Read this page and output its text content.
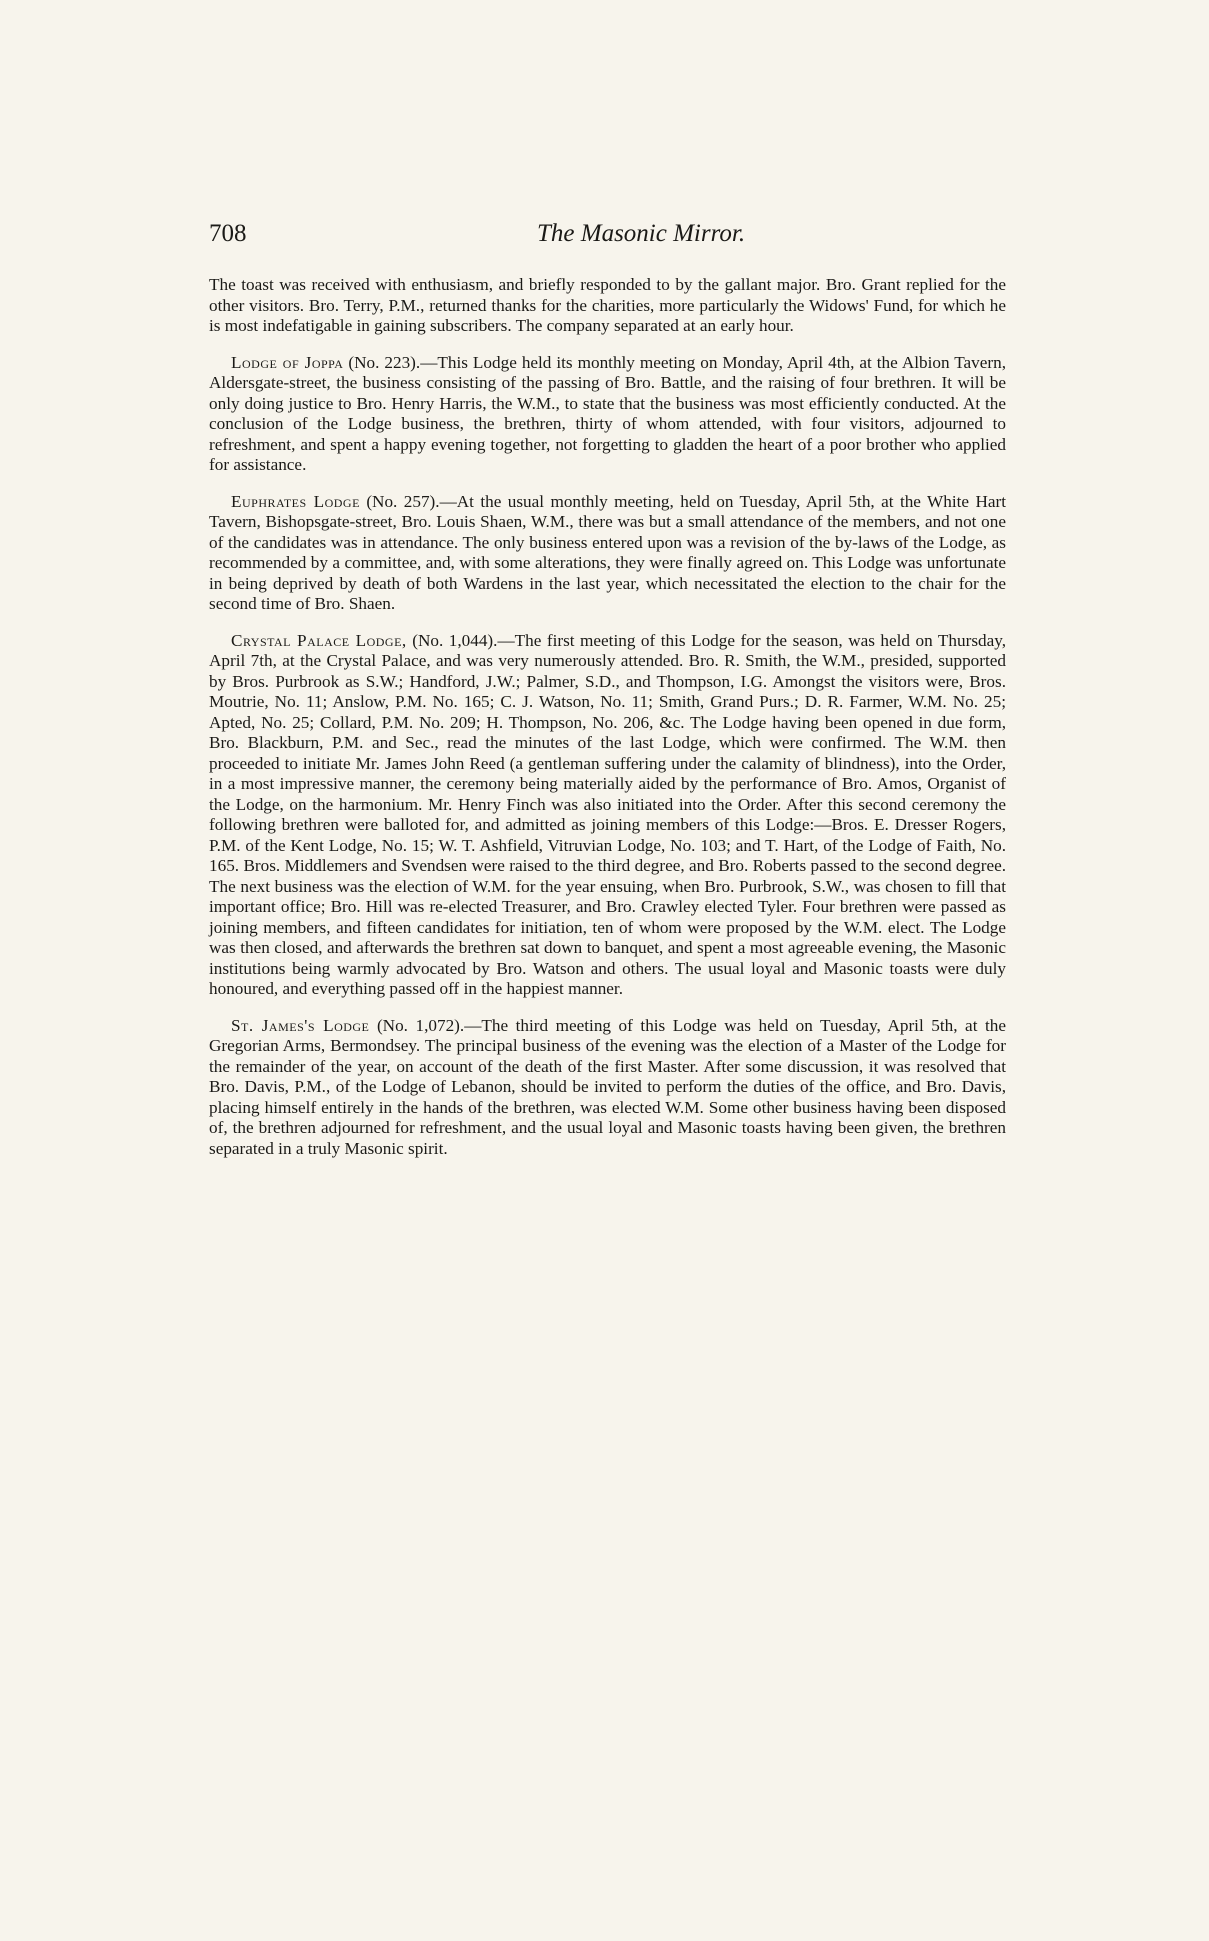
708	The Masonic Mirror.

The toast was received with enthusiasm, and briefly responded to by the gallant major. Bro. Grant replied for the other visitors. Bro. Terry, P.M., returned thanks for the charities, more particularly the Widows' Fund, for which he is most indefatigable in gaining subscribers. The company separated at an early hour.

Lodge of Joppa (No. 223).—This Lodge held its monthly meeting on Monday, April 4th, at the Albion Tavern, Aldersgate-street, the business consisting of the passing of Bro. Battle, and the raising of four brethren. It will be only doing justice to Bro. Henry Harris, the W.M., to state that the business was most efficiently conducted. At the conclusion of the Lodge business, the brethren, thirty of whom attended, with four visitors, adjourned to refreshment, and spent a happy evening together, not forgetting to gladden the heart of a poor brother who applied for assistance.

Euphrates Lodge (No. 257).—At the usual monthly meeting, held on Tuesday, April 5th, at the White Hart Tavern, Bishopsgate-street, Bro. Louis Shaen, W.M., there was but a small attendance of the members, and not one of the candidates was in attendance. The only business entered upon was a revision of the by-laws of the Lodge, as recommended by a committee, and, with some alterations, they were finally agreed on. This Lodge was unfortunate in being deprived by death of both Wardens in the last year, which necessitated the election to the chair for the second time of Bro. Shaen.

Crystal Palace Lodge, (No. 1,044).—The first meeting of this Lodge for the season, was held on Thursday, April 7th, at the Crystal Palace, and was very numerously attended. Bro. R. Smith, the W.M., presided, supported by Bros. Purbrook as S.W.; Handford, J.W.; Palmer, S.D., and Thompson, I.G. Amongst the visitors were, Bros. Moutrie, No. 11; Anslow, P.M. No. 165; C. J. Watson, No. 11; Smith, Grand Purs.; D. R. Farmer, W.M. No. 25; Apted, No. 25; Collard, P.M. No. 209; H. Thompson, No. 206, &c. The Lodge having been opened in due form, Bro. Blackburn, P.M. and Sec., read the minutes of the last Lodge, which were confirmed. The W.M. then proceeded to initiate Mr. James John Reed (a gentleman suffering under the calamity of blindness), into the Order, in a most impressive manner, the ceremony being materially aided by the performance of Bro. Amos, Organist of the Lodge, on the harmonium. Mr. Henry Finch was also initiated into the Order. After this second ceremony the following brethren were balloted for, and admitted as joining members of this Lodge:—Bros. E. Dresser Rogers, P.M. of the Kent Lodge, No. 15; W. T. Ashfield, Vitruvian Lodge, No. 103; and T. Hart, of the Lodge of Faith, No. 165. Bros. Middlemers and Svendsen were raised to the third degree, and Bro. Roberts passed to the second degree. The next business was the election of W.M. for the year ensuing, when Bro. Purbrook, S.W., was chosen to fill that important office; Bro. Hill was re-elected Treasurer, and Bro. Crawley elected Tyler. Four brethren were passed as joining members, and fifteen candidates for initiation, ten of whom were proposed by the W.M. elect. The Lodge was then closed, and afterwards the brethren sat down to banquet, and spent a most agreeable evening, the Masonic institutions being warmly advocated by Bro. Watson and others. The usual loyal and Masonic toasts were duly honoured, and everything passed off in the happiest manner.

St. James's Lodge (No. 1,072).—The third meeting of this Lodge was held on Tuesday, April 5th, at the Gregorian Arms, Bermondsey. The principal business of the evening was the election of a Master of the Lodge for the remainder of the year, on account of the death of the first Master. After some discussion, it was resolved that Bro. Davis, P.M., of the Lodge of Lebanon, should be invited to perform the duties of the office, and Bro. Davis, placing himself entirely in the hands of the brethren, was elected W.M. Some other business having been disposed of, the brethren adjourned for refreshment, and the usual loyal and Masonic toasts having been given, the brethren separated in a truly Masonic spirit.
